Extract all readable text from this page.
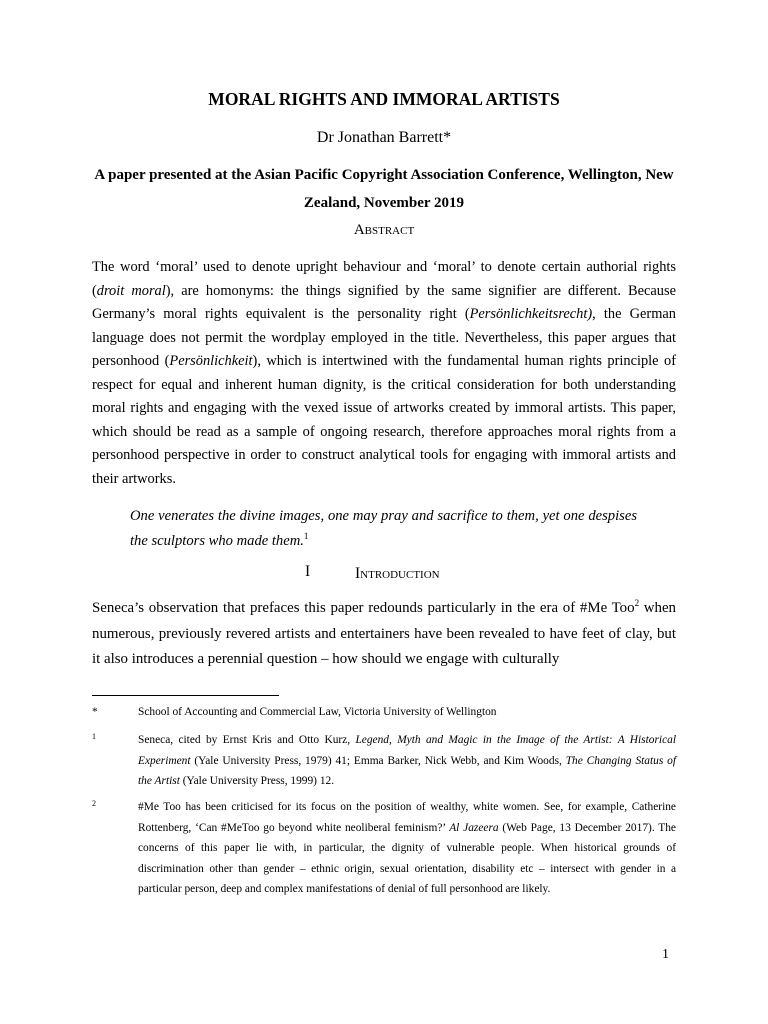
MORAL RIGHTS AND IMMORAL ARTISTS
Dr Jonathan Barrett*
A paper presented at the Asian Pacific Copyright Association Conference, Wellington, New Zealand, November 2019
Abstract

The word ‘moral’ used to denote upright behaviour and ‘moral’ to denote certain authorial rights (droit moral), are homonyms: the things signified by the same signifier are different. Because Germany’s moral rights equivalent is the personality right (Persönlichkeitsrecht), the German language does not permit the wordplay employed in the title. Nevertheless, this paper argues that personhood (Persönlichkeit), which is intertwined with the fundamental human rights principle of respect for equal and inherent human dignity, is the critical consideration for both understanding moral rights and engaging with the vexed issue of artworks created by immoral artists. This paper, which should be read as a sample of ongoing research, therefore approaches moral rights from a personhood perspective in order to construct analytical tools for engaging with immoral artists and their artworks.

One venerates the divine images, one may pray and sacrifice to them, yet one despises the sculptors who made them.$^1$

I	Introduction

Seneca’s observation that prefaces this paper redounds particularly in the era of #Me Too$^2$ when numerous, previously revered artists and entertainers have been revealed to have feet of clay, but it also introduces a perennial question – how should we engage with culturally

*	School of Accounting and Commercial Law, Victoria University of Wellington
1	Seneca, cited by Ernst Kris and Otto Kurz, Legend, Myth and Magic in the Image of the Artist: A Historical Experiment (Yale University Press, 1979) 41; Emma Barker, Nick Webb, and Kim Woods, The Changing Status of the Artist (Yale University Press, 1999) 12.
2	#Me Too has been criticised for its focus on the position of wealthy, white women. See, for example, Catherine Rottenberg, ‘Can #MeToo go beyond white neoliberal feminism?’ Al Jazeera (Web Page, 13 December 2017). The concerns of this paper lie with, in particular, the dignity of vulnerable people. When historical grounds of discrimination other than gender – ethnic origin, sexual orientation, disability etc – intersect with gender in a particular person, deep and complex manifestations of denial of full personhood are likely.
1
